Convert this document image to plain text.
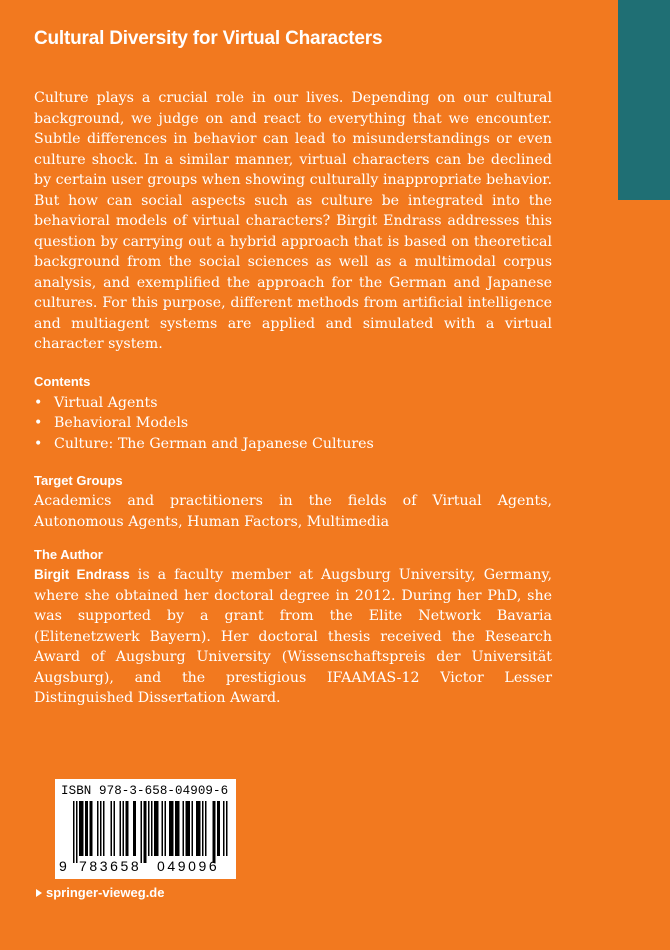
Cultural Diversity for Virtual Characters

Culture plays a crucial role in our lives. Depending on our cultural background, we judge on and react to everything that we encounter. Subtle differences in behavior can lead to misunderstandings or even culture shock. In a similar manner, virtual characters can be declined by certain user groups when showing culturally inappropriate behavior. But how can social aspects such as culture be integrated into the behavioral models of virtual characters? Birgit Endrass addresses this question by carrying out a hybrid approach that is based on theoretical background from the social sciences as well as a multimodal corpus analysis, and exemplified the approach for the German and Japanese cultures. For this purpose, different methods from artificial intelligence and multiagent systems are applied and simulated with a virtual character system.

Contents
• Virtual Agents
• Behavioral Models
• Culture: The German and Japanese Cultures
Target Groups

Academics and practitioners in the fields of Virtual Agents, Autonomous Agents, Human Factors, Multimedia

The Author

Birgit Endrass is a faculty member at Augsburg University, Germany, where she obtained her doctoral degree in 2012. During her PhD, she was supported by a grant from the Elite Network Bavaria (Elitenetzwerk Bayern). Her doctoral thesis received the Research Award of Augsburg University (Wissenschaftspreis der Universität Augsburg), and the prestigious IFAAMAS-12 Victor Lesser Distinguished Dissertation Award.

ISBN 978-3-658-04909-6
9 783658 049096
springer-vieweg.de
